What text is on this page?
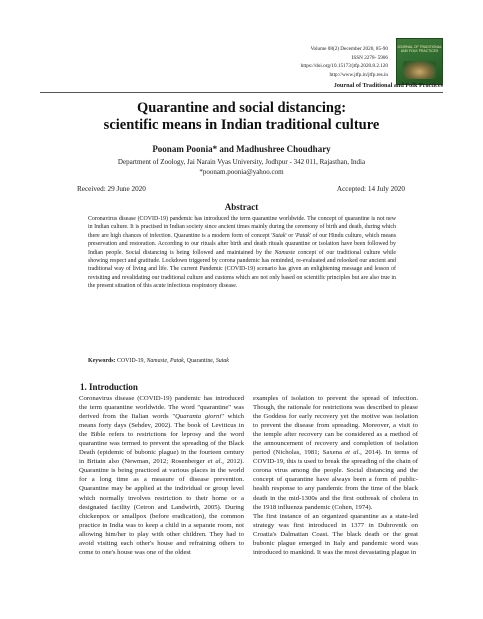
Volume 08(2) December 2020, 85-90
ISSN 2278- 5906
https://doi.org/10.15173/jtfp.2020.8.2.120
http://www.jtfp.in/jtfp.res.in
JOURNAL OF TRADITIONAL AND FOLK PRACTICES
Journal of Traditional and Folk Practices
Quarantine and social distancing:
scientific means in Indian traditional culture
Poonam Poonia* and Madhushree Choudhary
Department of Zoology, Jai Narain Vyas University, Jodhpur - 342 011, Rajasthan, India
*poonam.poonia@yahoo.com
Received: 29 June 2020	Accepted: 14 July 2020
Abstract
Coronavirus disease (COVID-19) pandemic has introduced the term quarantine worldwide. The concept of quarantine is not new in Indian culture. It is practised in Indian society since ancient times mainly during the ceremony of birth and death, during which there are high chances of infection. Quarantine is a modern form of concept 'Sutak' or 'Patak' of our Hindu culture, which means preservation and restoration. According to our rituals after birth and death rituals quarantine or isolation have been followed by Indian people. Social distancing is being followed and maintained by the Namaste concept of our traditional culture while showing respect and gratitude. Lockdown triggered by corona pandemic has reminded, re-evaluated and relooked our ancient and traditional way of living and life. The current Pandemic (COVID-19) scenario has given an enlightening message and lesson of revisiting and revalidating our traditional culture and customs which are not only based on scientific principles but are also true in the present situation of this acute infectious respiratory disease.
Keywords: COVID-19, Namaste, Patak, Quarantine, Sutak
1. Introduction

Coronavirus disease (COVID-19) pandemic has introduced the term quarantine worldwide. The word "quarantine" was derived from the Italian words "Quaranta giorni" which means forty days (Sehdev, 2002). The book of Leviticus in the Bible refers to restrictions for leprosy and the word quarantine was termed to prevent the spreading of the Black Death (epidemic of bubonic plague) in the fourteen century in Britain also (Newman, 2012; Rosenberger et al., 2012). Quarantine is being practiced at various places in the world for a long time as a measure of disease prevention. Quarantine may be applied at the individual or group level which normally involves restriction to their home or a designated facility (Cetron and Landwirth, 2005). During chickenpox or smallpox (before eradication), the common practice in India was to keep a child in a separate room, not allowing him/her to play with other children. They had to avoid visiting each other's house and refraining others to come to one's house was one of the oldest

examples of isolation to prevent the spread of infection. Though, the rationale for restrictions was described to please the Goddess for early recovery yet the motive was isolation to prevent the disease from spreading. Moreover, a visit to the temple after recovery can be considered as a method of the announcement of recovery and completion of isolation period (Nicholas, 1981; Saxena et al., 2014). In terms of COVID-19, this is used to break the spreading of the chain of corona virus among the people. Social distancing and the concept of quarantine have always been a form of public-health response to any pandemic from the time of the black death in the mid-1300s and the first outbreak of cholera in the 1918 influenza pandemic (Cohen, 1974).

The first instance of an organized quarantine as a state-led strategy was first introduced in 1377 in Dubrovnik on Croatia's Dalmatian Coast. The black death or the great bubonic plague emerged in Italy and pandemic word was introduced to mankind. It was the most devastating plague in
